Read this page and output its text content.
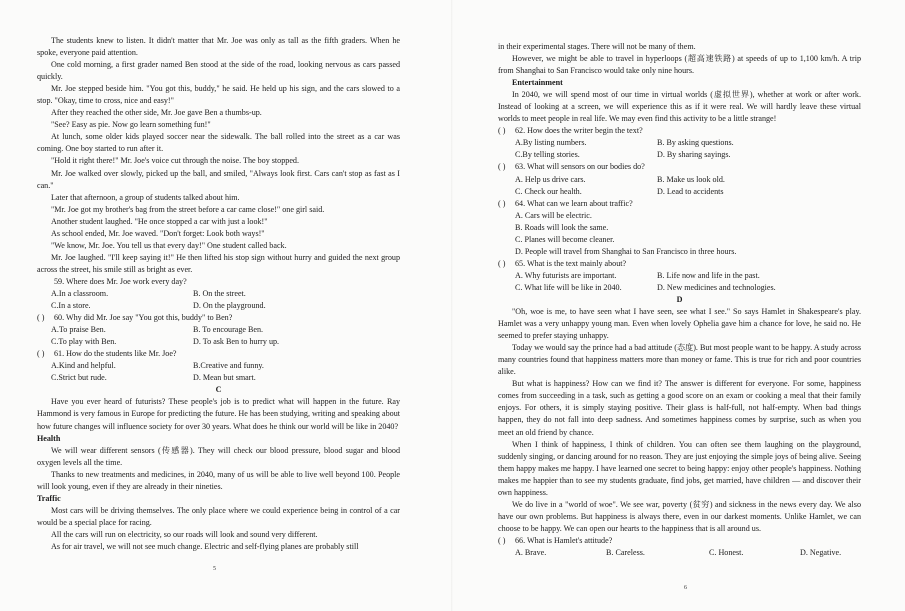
The students knew to listen. It didn't matter that Mr. Joe was only as tall as the fifth graders. When he spoke, everyone paid attention.

One cold morning, a first grader named Ben stood at the side of the road, looking nervous as cars passed quickly.

Mr. Joe stepped beside him. "You got this, buddy," he said. He held up his sign, and the cars slowed to a stop. "Okay, time to cross, nice and easy!"

After they reached the other side, Mr. Joe gave Ben a thumbs-up.

"See? Easy as pie. Now go learn something fun!"

At lunch, some older kids played soccer near the sidewalk. The ball rolled into the street as a car was coming. One boy started to run after it.

"Hold it right there!" Mr. Joe's voice cut through the noise. The boy stopped.

Mr. Joe walked over slowly, picked up the ball, and smiled, "Always look first. Cars can't stop as fast as I can."

Later that afternoon, a group of students talked about him.

"Mr. Joe got my brother's bag from the street before a car came close!" one girl said.

Another student laughed. "He once stopped a car with just a look!"

As school ended, Mr. Joe waved. "Don't forget: Look both ways!"

"We know, Mr. Joe. You tell us that every day!" One student called back.

Mr. Joe laughed. "I'll keep saying it!" He then lifted his stop sign without hurry and guided the next group across the street, his smile still as bright as ever.

59 . Where does Mr. Joe work every day?
A.In a classroom.	B. On the street.
C.In a store.	D. On the playground.
( )	60 . Why did Mr. Joe say "You got this, buddy" to Ben?
A.To praise Ben.	B. To encourage Ben.
C.To play with Ben.	D. To ask Ben to hurry up.
( )	61 . How do the students like Mr. Joe?
A.Kind and helpful.	B.Creative and funny.
C.Strict but rude.	D. Mean but smart.
C

Have you ever heard of futurists? These people's job is to predict what will happen in the future. Ray Hammond is very famous in Europe for predicting the future. He has been studying, writing and speaking about how future changes will influence society for over 30 years. What does he think our world will be like in 2040?

Health

We will wear different sensors (传感器). They will check our blood pressure, blood sugar and blood oxygen levels all the time.

Thanks to new treatments and medicines, in 2040, many of us will be able to live well beyond 100. People will look young, even if they are already in their nineties.

Traffic

Most cars will be driving themselves. The only place where we could experience being in control of a car would be a special place for racing.

All the cars will run on electricity, so our roads will look and sound very different.

As for air travel, we will not see much change. Electric and self-flying planes are probably still

5

in their experimental stages. There will not be many of them.

However, we might be able to travel in hyperloops (超高速铁路) at speeds of up to 1,100 km/h. A trip from Shanghai to San Francisco would take only nine hours.

Entertainment

In 2040, we will spend most of our time in virtual worlds (虚拟世界), whether at work or after work. Instead of looking at a screen, we will experience this as if it were real. We will hardly leave these virtual worlds to meet people in real life. We may even find this activity to be a little strange!

( )	62 . How does the writer begin the text?
A.By listing numbers.	B. By asking questions.
C.By telling stories.	D. By sharing sayings.
( )	63 . What will sensors on our bodies do?
A. Help us drive cars.	B. Make us look old.
C. Check our health.	D. Lead to accidents
( )	64 . What can we learn about traffic?
A. Cars will be electric.
B. Roads will look the same.
C. Planes will become cleaner.
D. People will travel from Shanghai to San Francisco in three hours.
( )	65 . What is the text mainly about?
A. Why futurists are important.	B. Life now and life in the past.
C. What life will be like in 2040.	D. New medicines and technologies.
D

"Oh, woe is me, to have seen what I have seen, see what I see." So says Hamlet in Shakespeare's play. Hamlet was a very unhappy young man. Even when lovely Ophelia gave him a chance for love, he said no. He seemed to prefer staying unhappy.

Today we would say the prince had a bad attitude (态度). But most people want to be happy. A study across many countries found that happiness matters more than money or fame. This is true for rich and poor countries alike.

But what is happiness? How can we find it? The answer is different for everyone. For some, happiness comes from succeeding in a task, such as getting a good score on an exam or cooking a meal that their family enjoys. For others, it is simply staying positive. Their glass is half-full, not half-empty. When bad things happen, they do not fall into deep sadness. And sometimes happiness comes by surprise, such as when you meet an old friend by chance.

When I think of happiness, I think of children. You can often see them laughing on the playground, suddenly singing, or dancing around for no reason. They are just enjoying the simple joys of being alive. Seeing them happy makes me happy. I have learned one secret to being happy: enjoy other people's happiness. Nothing makes me happier than to see my students graduate, find jobs, get married, have children — and discover their own happiness.

We do live in a "world of woe". We see war, poverty (贫穷) and sickness in the news every day. We also have our own problems. But happiness is always there, even in our darkest moments. Unlike Hamlet, we can choose to be happy. We can open our hearts to the happiness that is all around us.

( )	66 . What is Hamlet's attitude?
A. Brave.	B. Careless.	C. Honest.	D. Negative.
6
